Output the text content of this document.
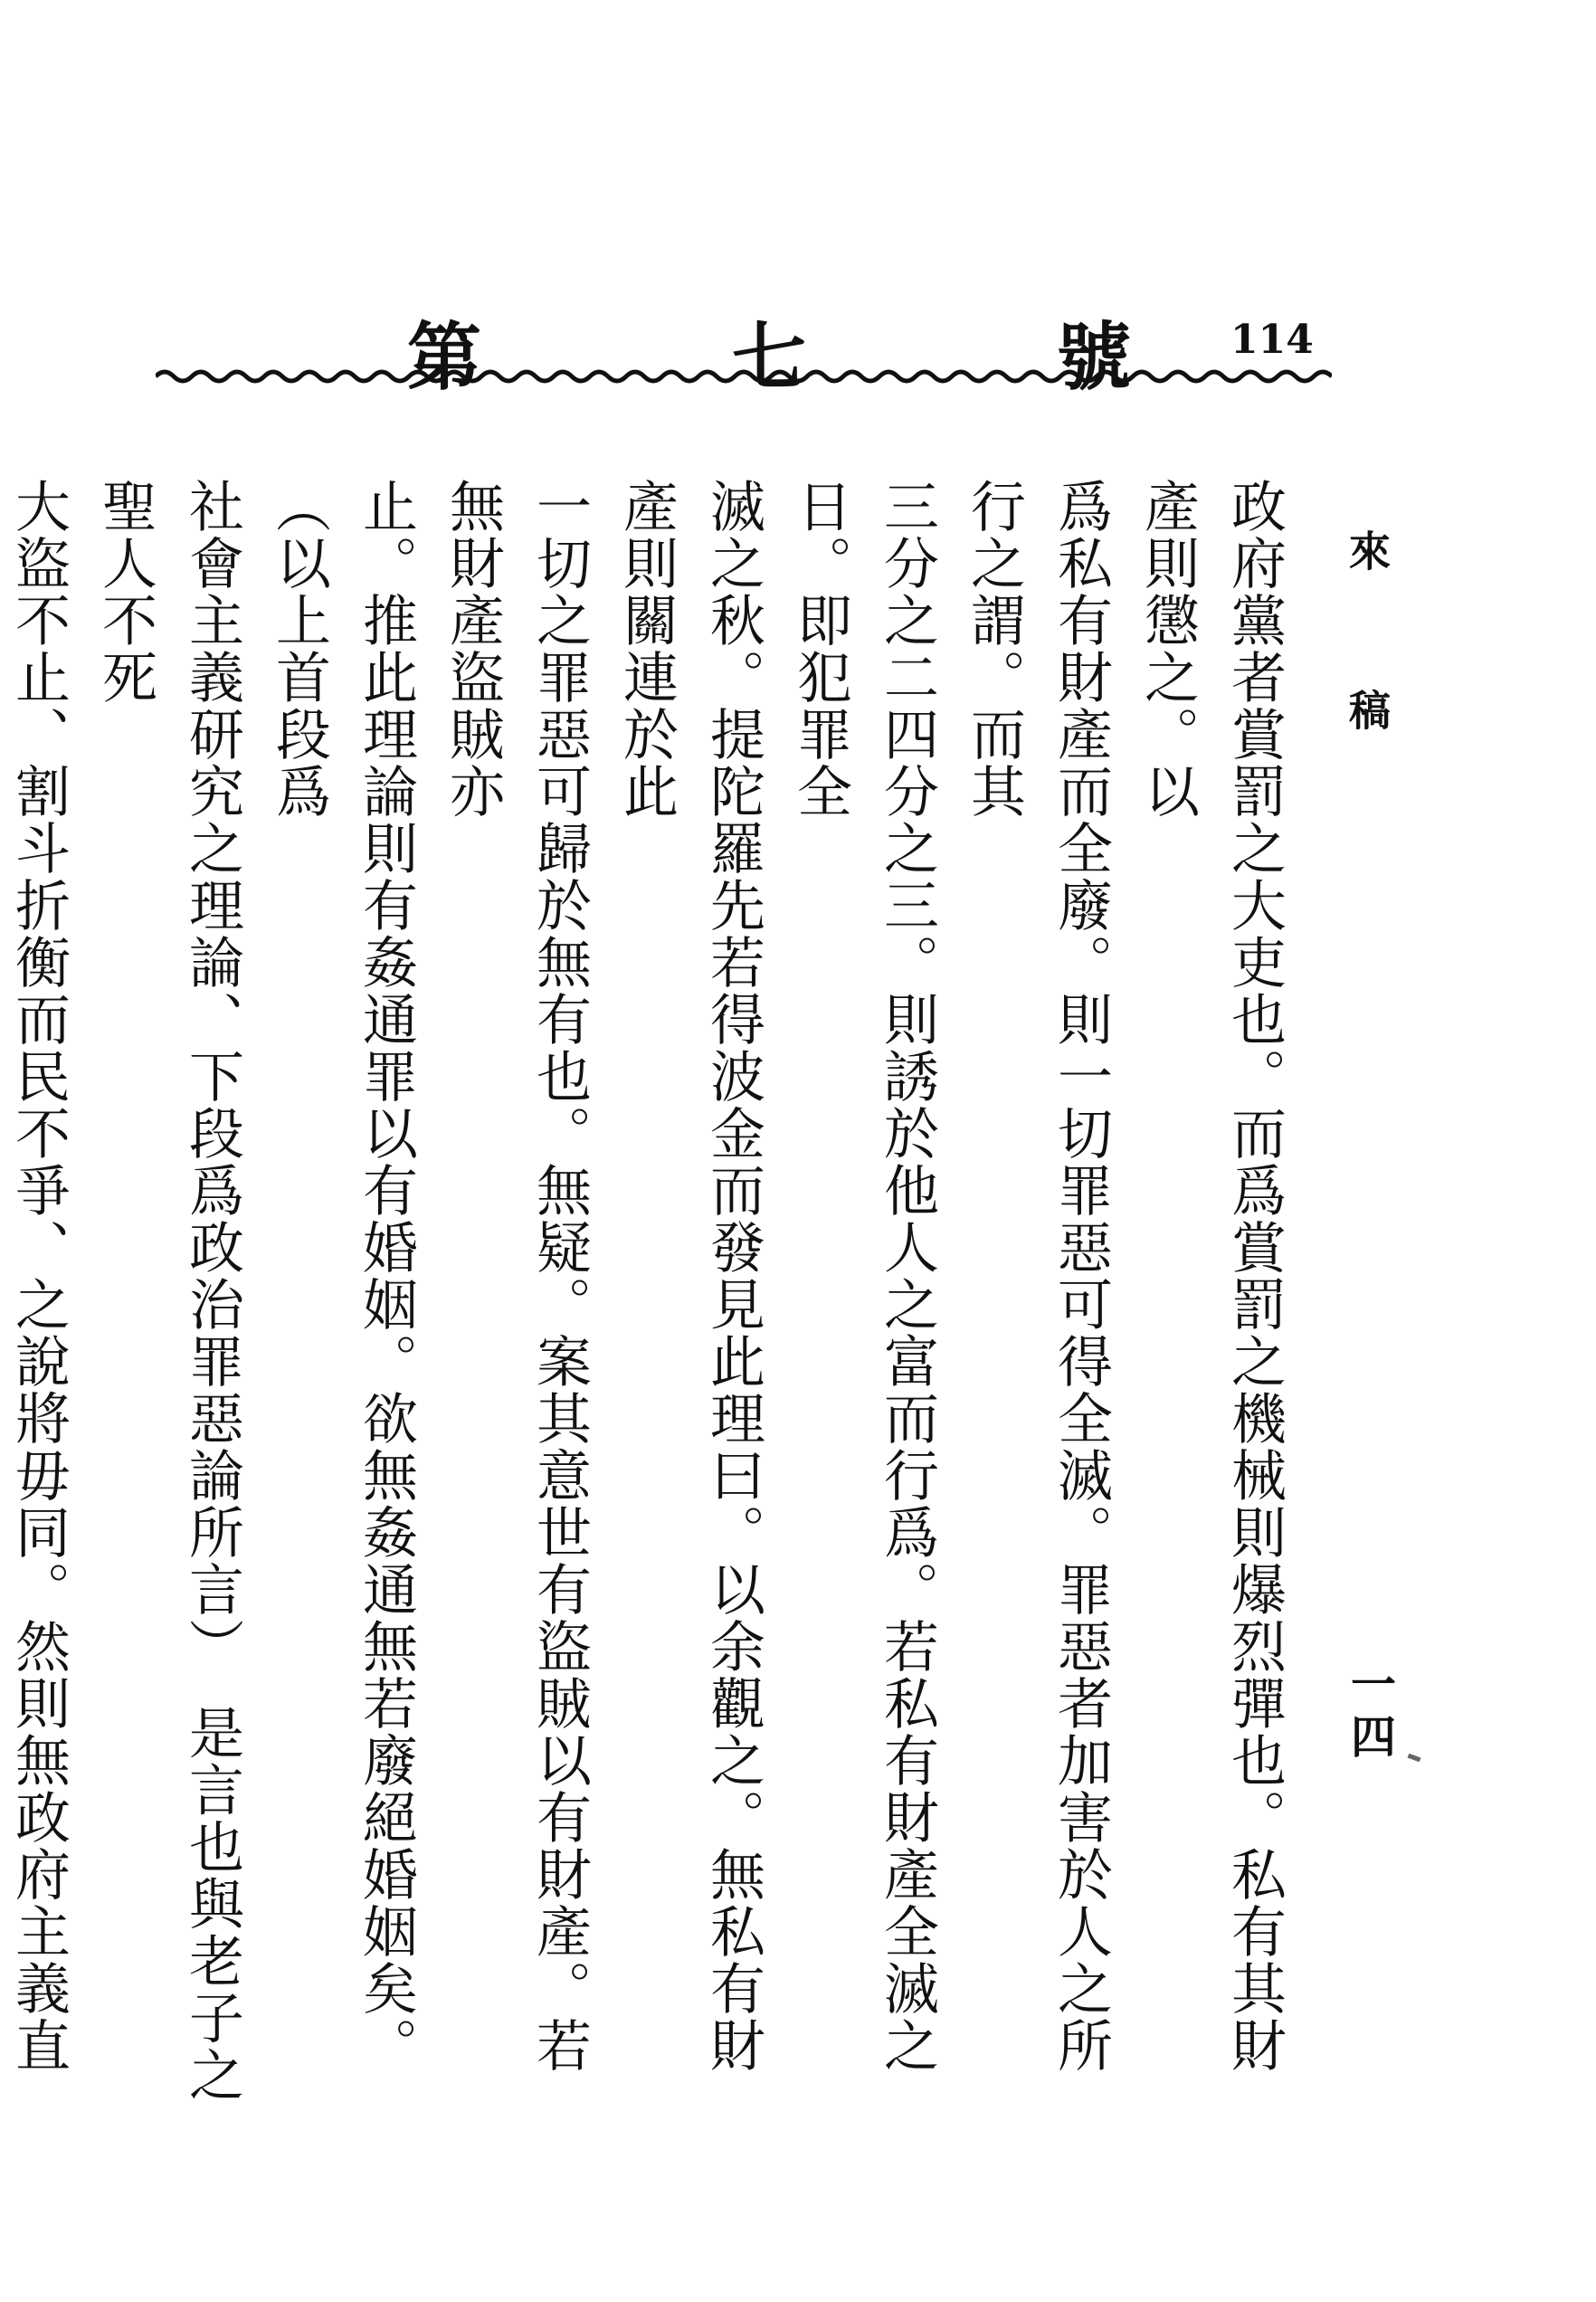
第	七	號	114
來稿
一四

政府黨者賞罰之大吏也。而爲賞罰之機械則爆烈彈也。私有其財產則懲之。以

爲私有財產而全廢。則一切罪惡可得全滅。罪惡者加害於人之所行之謂。而其

三分之二四分之三。則誘於他人之富而行爲。若私有財產全滅之日。即犯罪全

滅之秋。提陀羅先若得波金而發見此理曰。以余觀之。無私有財產則關連於此

一切之罪惡可歸於無有也。無疑。案其意世有盜賊以有財產。若無財產盜賊亦

止。推此理論則有姦通罪以有婚姻。欲無姦通無若廢絕婚姻矣。（以上首段爲

社會主義研究之理論、下段爲政治罪惡論所言）　是言也與老子之聖人不死

大盜不止、割斗折衡而民不爭、之說將毋同。然則無政府主義直
